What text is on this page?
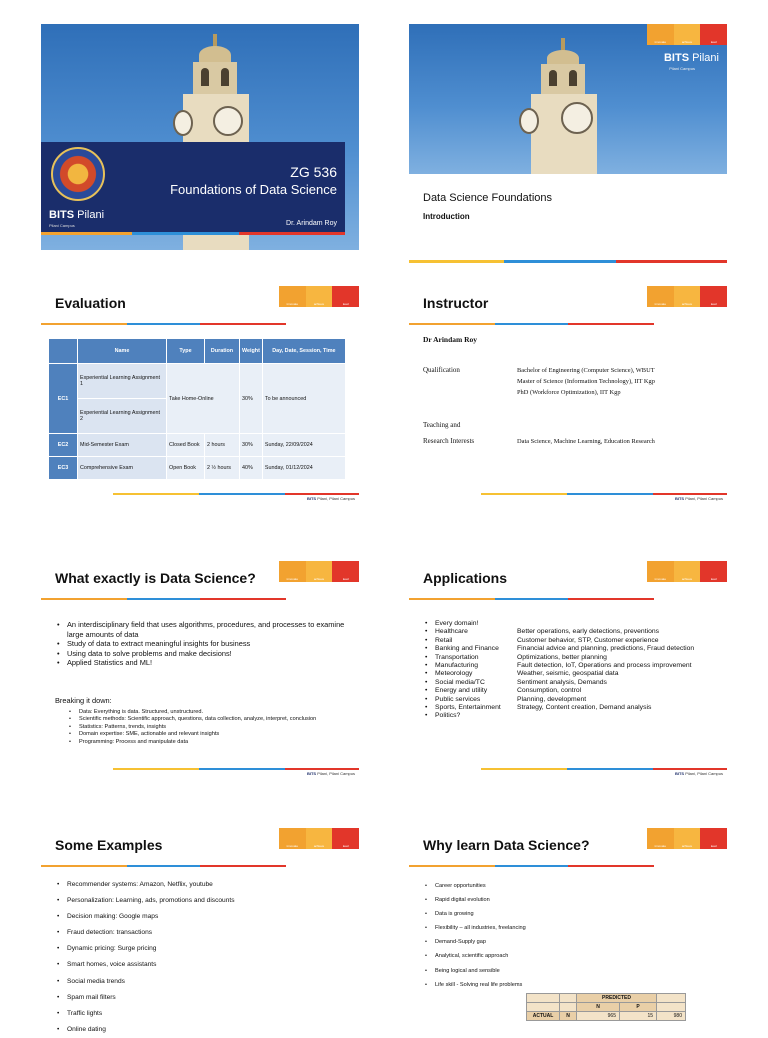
BITS Pilani
Pilani Campus
ZG 536
Foundations of Data Science
Dr. Arindam Roy
innovate	achieve	lead
BITS Pilani
Pilani Campus
Data Science Foundations
Introduction
Evaluation	innovate	achieve	lead
	Name	Type	Duration	Weight	Day, Date, Session, Time
EC1	Experiential Learning Assignment 1	Take Home-Online		30%	To be announced
	Experiential Learning Assignment 2				
EC2	Mid-Semester Exam	Closed Book	2 hours	30%	Sunday, 22/09/2024
EC3	Comprehensive Exam	Open Book	2 ½ hours	40%	Sunday, 01/12/2024
BITS Pilani, Pilani Campus
Instructor	innovate	achieve	lead
Dr Arindam Roy
Qualification	Bachelor of Engineering (Computer Science), WBUT
Master of Science (Information Technology), IIT Kgp
PhD (Workforce Optimization), IIT Kgp
Teaching and
Research Interests	Data Science, Machine Learning, Education Research
BITS Pilani, Pilani Campus
What exactly is Data Science?	innovate	achieve	lead
• An interdisciplinary field that uses algorithms, procedures, and processes to examine large amounts of data
• Study of data to extract meaningful insights for business
• Using data to solve problems and make decisions!
• Applied Statistics and ML!
Breaking it down:
• Data: Everything is data. Structured, unstructured.
• Scientific methods: Scientific approach, questions, data collection, analyze, interpret, conclusion
• Statistics: Patterns, trends, insights
• Domain expertise: SME, actionable and relevant insights
• Programming: Process and manipulate data
BITS Pilani, Pilani Campus
Applications	innovate	achieve	lead
• Every domain!
• Healthcare	Better operations, early detections, preventions
• Retail	Customer behavior, STP, Customer experience
• Banking and Finance	Financial advice and planning, predictions, Fraud detection
• Transportation	Optimizations, better planning
• Manufacturing	Fault detection, IoT, Operations and process improvement
• Meteorology	Weather, seismic, geospatial data
• Social media/TC	Sentiment analysis, Demands
• Energy and utility	Consumption, control
• Public services	Planning, development
• Sports, Entertainment	Strategy, Content creation, Demand analysis
• Politics?
BITS Pilani, Pilani Campus
Some Examples	innovate	achieve	lead
• Recommender systems: Amazon, Netflix, youtube
• Personalization: Learning, ads, promotions and discounts
• Decision making: Google maps
• Fraud detection: transactions
• Dynamic pricing: Surge pricing
• Smart homes, voice assistants
• Social media trends
• Spam mail filters
• Traffic lights
• Online dating
Why learn Data Science?	innovate	achieve	lead
• Career opportunities
• Rapid digital evolution
• Data is growing
• Flexibility – all industries, freelancing
• Demand-Supply gap
• Analytical, scientific approach
• Being logical and sensible
• Life skill - Solving real life problems
		PREDICTED		
		N	P	
ACTUAL	N	965	15	980
